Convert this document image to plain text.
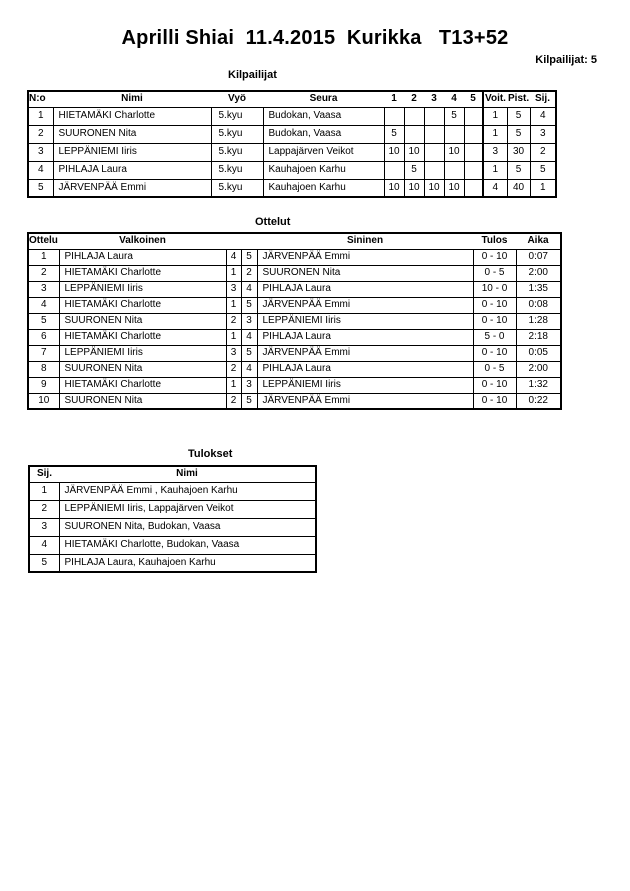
Aprilli Shiai  11.4.2015  Kurikka   T13+52
Kilpailijat: 5
Kilpailijat
N:o	Nimi	Vyö	Seura	1	2	3	4	5	Voit.	Pist.	Sij.
1	HIETAMÄKI Charlotte	5.kyu	Budokan, Vaasa				5		1	5	4
2	SUURONEN Nita	5.kyu	Budokan, Vaasa	5					1	5	3
3	LEPPÄNIEMI Iiris	5.kyu	Lappajärven Veikot	10	10		10		3	30	2
4	PIHLAJA Laura	5.kyu	Kauhajoen Karhu		5				1	5	5
5	JÄRVENPÄÄ Emmi	5.kyu	Kauhajoen Karhu	10	10	10	10		4	40	1
Ottelut
Ottelu	Valkoinen			Sininen	Tulos	Aika
1	PIHLAJA Laura	4	5	JÄRVENPÄÄ Emmi	0 - 10	0:07
2	HIETAMÄKI Charlotte	1	2	SUURONEN Nita	0 - 5	2:00
3	LEPPÄNIEMI Iiris	3	4	PIHLAJA Laura	10 - 0	1:35
4	HIETAMÄKI Charlotte	1	5	JÄRVENPÄÄ Emmi	0 - 10	0:08
5	SUURONEN Nita	2	3	LEPPÄNIEMI Iiris	0 - 10	1:28
6	HIETAMÄKI Charlotte	1	4	PIHLAJA Laura	5 - 0	2:18
7	LEPPÄNIEMI Iiris	3	5	JÄRVENPÄÄ Emmi	0 - 10	0:05
8	SUURONEN Nita	2	4	PIHLAJA Laura	0 - 5	2:00
9	HIETAMÄKI Charlotte	1	3	LEPPÄNIEMI Iiris	0 - 10	1:32
10	SUURONEN Nita	2	5	JÄRVENPÄÄ Emmi	0 - 10	0:22
Tulokset
Sij.	Nimi
1	JÄRVENPÄÄ Emmi , Kauhajoen Karhu
2	LEPPÄNIEMI Iiris, Lappajärven Veikot
3	SUURONEN Nita, Budokan, Vaasa
4	HIETAMÄKI Charlotte, Budokan, Vaasa
5	PIHLAJA Laura, Kauhajoen Karhu
